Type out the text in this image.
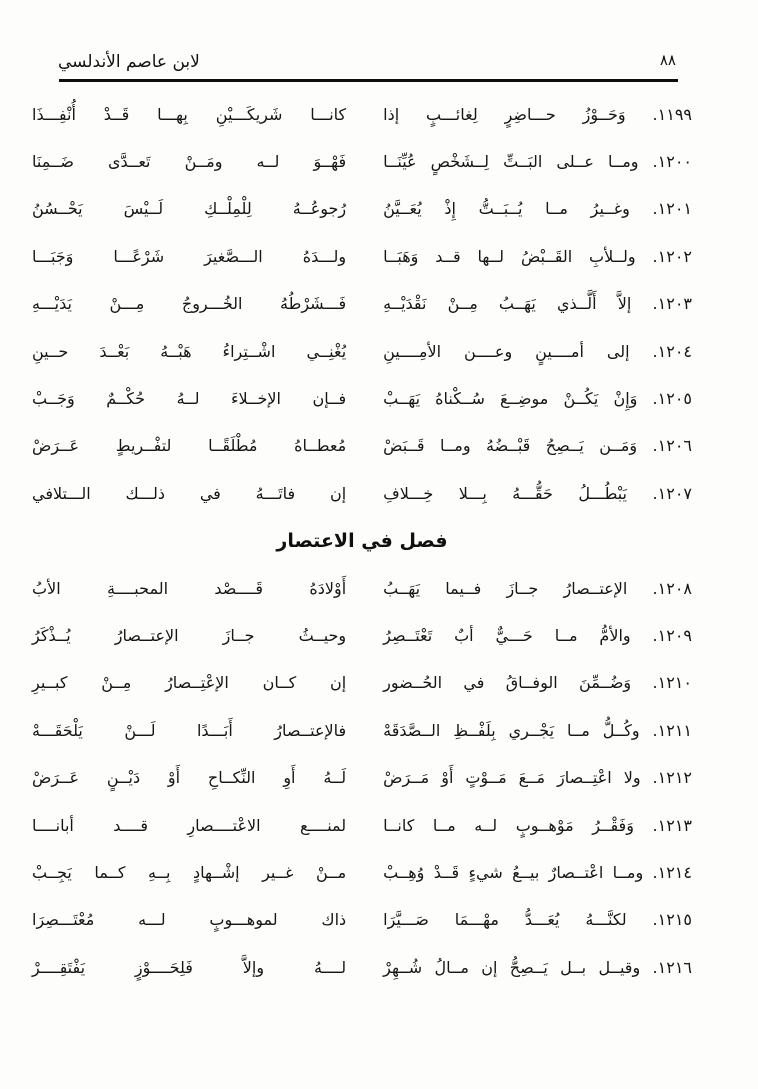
لابن عاصم الأندلسي	٨٨
١١٩٩. وَحَــوْزُ حـــاضِرٍ لِغائـــبٍ إذا
كانـــا شَريكَـــيْنِ بِهـــا قَــدْ أُنْفِـــذَا
١٢٠٠. ومــا عــلى البَــتِّ لِــشَخْصٍ عُيِّنَــا
فَهْــوَ لــه ومَــنْ تَعــدَّى ضَــمِنَا
١٢٠١. وغــيرُ مــا يُــبَــتُّ إِذْ يُعَــيَّنُ
رُجوعُــهُ لِلْمِلْــكِ لَــيْسَ يَحْــسُنُ
١٢٠٢. ولــلأبِ القَــبْضُ لــها قــد وَهَبَــا
ولـــدَهُ الـــصَّغيرَ شَرْعًـــا وَجَبَـــا
١٢٠٣. إلاَّ أَلَّــذي يَهَــبُ مِــنْ نَقْدَيْــهِ
فَـــشَرْطُهُ الخُـــروجُ مِـــنْ يَدَيْـــهِ
١٢٠٤. إلى أمــــينٍ وعــــن الأمِــــينِ
يُغْنِــي اشْــتِراءُ هَبْــهُ بَعْــدَ حــينِ
١٢٠٥. وَإِنْ يَكُــنْ موضِــعَ سُــكْناهُ يَهَــبْ
فــإن الإخــلاءَ لــهُ حُكْــمٌ وَجَــبْ
١٢٠٦. وَمَــن يَــصِحُ قَبْــضُهُ ومــا قَــبَضْ
مُعطــاهُ مُطْلَقًــا لتفْــريطٍ عَــرَضْ
١٢٠٧. يَبْطُـــلُ حَقُّـــهُ بِـــلا خِـــلافِ
إن فاتَـــهُ في ذلـــك الـــتلافي
فصل في الاعتصار
١٢٠٨. الإعتــصارُ جــازَ فــيما يَهَــبُ
أَوْلادَهُ قَــــصْد المحبــــةِ الأبُ
١٢٠٩. والأمُّ مــا حَـــيٌّ أبٌ تَعْتَــصِرُ
وحيــثُ جــازَ الإعتــصارُ يُــذْكَرُ
١٢١٠. وَضُــمِّنَ الوفــاقُ في الحُــضور
إن كــان الإعْتِــصارُ مِــنْ كبــيرِ
١٢١١. وكُــلُّ مــا يَجْــري بِلَفْــظِ الــصَّدَقَهْ
فالإعتــصارُ أَبَـــدًا لَـــنْ يَلْحَقَـــهْ
١٢١٢. ولا اعْتِــصارَ مَــعَ مَــوْتٍ أَوْ مَــرَضْ
لَــهُ أَوِ النِّكــاحِ أَوْ دَيْــنٍ عَــرَضْ
١٢١٣. وَفَقْــرُ مَوْهــوبٍ لــه مــا كانــا
لمنــــع الاعْتــــصارِ قــــد أبانــــا
١٢١٤. ومــا اعْتــصارٌ بيــعُ شيءٍ قَــدْ وُهِــبْ
مــنْ غــير إشْــهادٍ بِــهِ كــما يَجِــبْ
١٢١٥. لكنَّـــهُ يُعَـــدُّ مهْـــمَا صَـــيَّرَا
ذاك لموهـــوبٍ لـــه مُعْتَـــصِرَا
١٢١٦. وقيــل بــل يَــصِحُّ إن مــالُ شُــهِرْ
لــــهُ وإلاَّ فَلِحَــــوْزٍ يَفْتَقِــــرْ
